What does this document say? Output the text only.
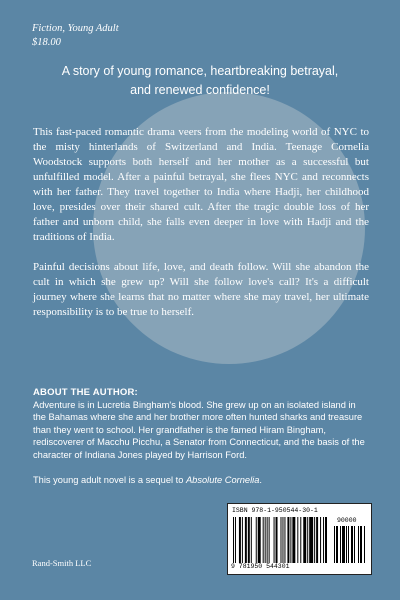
Fiction, Young Adult
$18.00
A story of young romance, heartbreaking betrayal,
and renewed confidence!

This fast-paced romantic drama veers from the modeling world of NYC to the misty hinterlands of Switzerland and India. Teenage Cornelia Woodstock supports both herself and her mother as a successful but unfulfilled model. After a painful betrayal, she flees NYC and reconnects with her father. They travel together to India where Hadji, her childhood love, presides over their shared cult. After the tragic double loss of her father and unborn child, she falls even deeper in love with Hadji and the traditions of India.

Painful decisions about life, love, and death follow. Will she abandon the cult in which she grew up? Will she follow love's call? It's a difficult journey where she learns that no matter where she may travel, her ultimate responsibility is to be true to herself.

ABOUT THE AUTHOR:
Adventure is in Lucretia Bingham's blood. She grew up on an isolated island in the Bahamas where she and her brother more often hunted sharks and treasure than they went to school. Her grandfather is the famed Hiram Bingham, rediscoverer of Macchu Picchu, a Senator from Connecticut, and the basis of the character of Indiana Jones played by Harrison Ford.
This young adult novel is a sequel to Absolute Cornelia.
Rand-Smith LLC
ISBN 978-1-950544-30-1
90000
9 781950 544301
